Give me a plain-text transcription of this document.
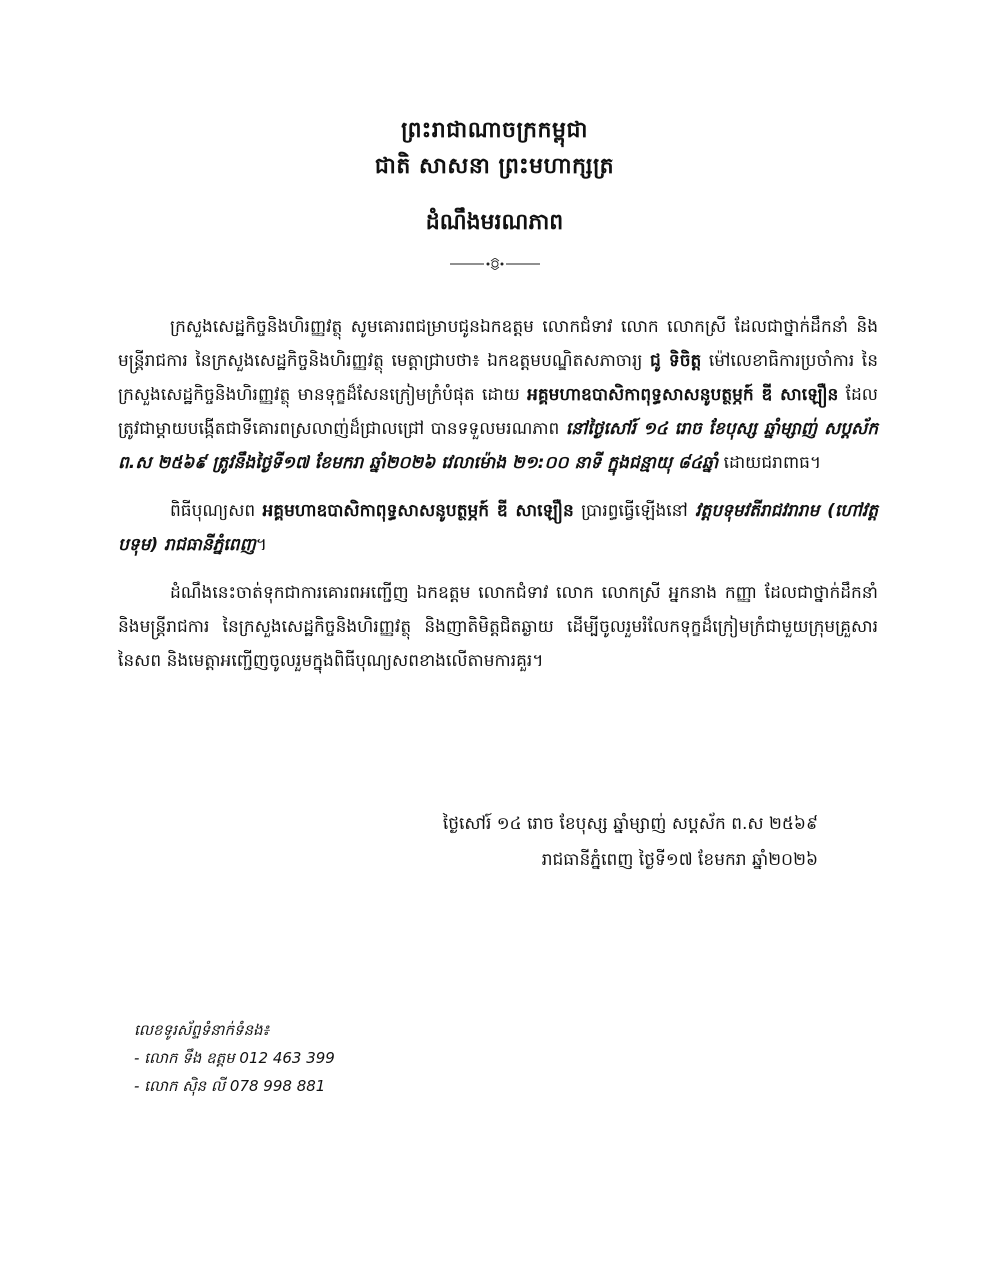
ព្រះរាជាណាចក្រកម្ពុជា
ជាតិ សាសនា ព្រះមហាក្សត្រ
ដំណឹងមរណភាព

ក្រសួងសេដ្ឋកិច្ចនិងហិរញ្ញវត្ថុ សូមគោរពជម្រាបជូនឯកឧត្តម លោកជំទាវ លោក លោកស្រី ដែលជាថ្នាក់ដឹកនាំ និងមន្ត្រីរាជការ នៃក្រសួងសេដ្ឋកិច្ចនិងហិរញ្ញវត្ថុ មេត្តាជ្រាបថា៖ ឯកឧត្តមបណ្ឌិតសភាចារ្យ ជូ ទិចិត្ត ម៉ៅលេខាធិការប្រចាំការ នៃក្រសួងសេដ្ឋកិច្ចនិងហិរញ្ញវត្ថុ មានទុក្ខដ៏សែនក្រៀមក្រំបំផុត ដោយ អគ្គមហាឧបាសិកាពុទ្ធសាសនូបត្ថម្ភក៍ ឌី សាឡឿន ដែលត្រូវជាម្តាយបង្កើតជាទីគោរពស្រលាញ់ដ៏ជ្រាលជ្រៅ បានទទួលមរណភាព នៅថ្ងៃសៅរ៍ ១៤ រោច ខែបុស្ស ឆ្នាំម្សាញ់ សប្តស័ក ព.ស ២៥៦៩ ត្រូវនឹងថ្ងៃទី១៧ ខែមករា ឆ្នាំ២០២៦ វេលាម៉ោង ២១:០០ នាទី ក្នុងជន្មាយុ ៨៤ឆ្នាំ ដោយជរាពាធ។

ពិធីបុណ្យសព អគ្គមហាឧបាសិកាពុទ្ធសាសនូបត្ថម្ភក៍ ឌី សាឡឿន ប្រារព្ធធ្វើឡើងនៅ វត្តបទុមវតីរាជវរារាម (ហៅវត្តបទុម) រាជធានីភ្នំពេញ។

ដំណឹងនេះចាត់ទុកជាការគោរពអញ្ជើញ ឯកឧត្តម លោកជំទាវ លោក លោកស្រី អ្នកនាង កញ្ញា ដែលជាថ្នាក់ដឹកនាំ និងមន្ត្រីរាជការ នៃក្រសួងសេដ្ឋកិច្ចនិងហិរញ្ញវត្ថុ និងញាតិមិត្តជិតឆ្ងាយ ដើម្បីចូលរួមរំលែកទុក្ខដ៏ក្រៀមក្រំជាមួយក្រុមគ្រួសារនៃសព និងមេត្តាអញ្ជើញចូលរួមក្នុងពិធីបុណ្យសពខាងលើតាមការគួរ។

ថ្ងៃសៅរ៍ ១៤ រោច ខែបុស្ស ឆ្នាំម្សាញ់ សប្តស័ក ព.ស ២៥៦៩
រាជធានីភ្នំពេញ ថ្ងៃទី១៧ ខែមករា ឆ្នាំ២០២៦
លេខទូរស័ព្ទទំនាក់ទំនង៖
- លោក ទឹង ឧត្តម 012 463 399
- លោក ស៊ិន លី 078 998 881
